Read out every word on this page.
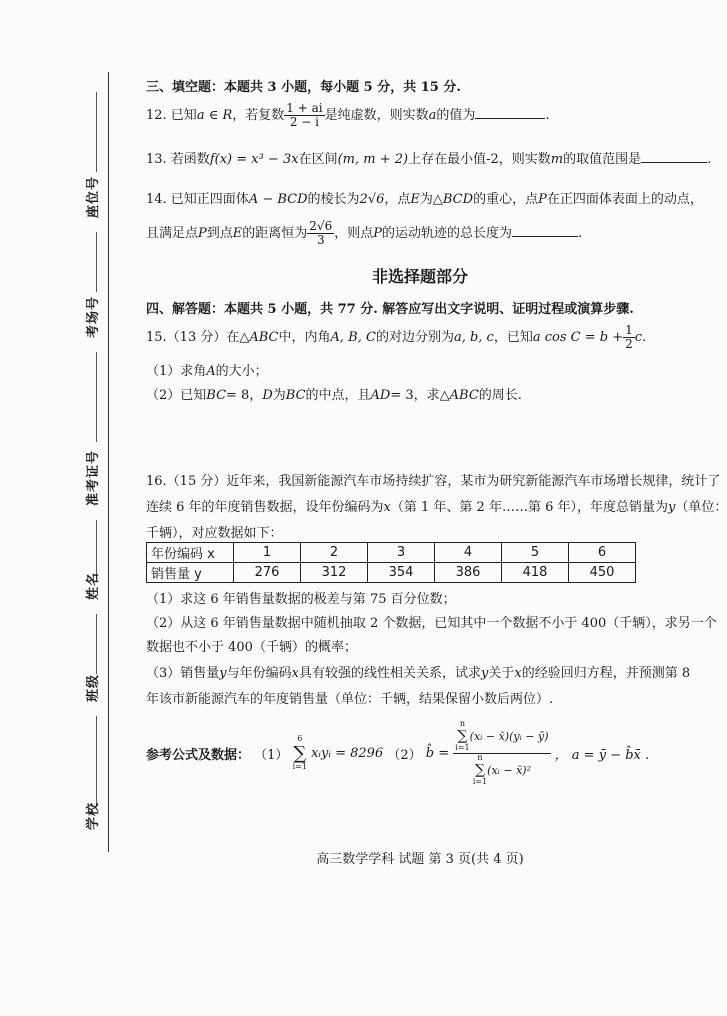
座位号
考场号
准考证号
姓名
班级
学校
三、填空题：本题共 3 小题，每小题 5 分，共 15 分.
12. 已知a ∈ R，若复数 $\frac{1 + ai}{2 - i}$ 是纯虚数，则实数a的值为	.
13. 若函数f(x) = x³ − 3x在区间(m, m + 2)上存在最小值-2，则实数m的取值范围是	.
14. 已知正四面体A − BCD的棱长为2√6，点E为△BCD的重心，点P在正四面体表面上的动点，
且满足点P到点E的距离恒为 $\frac{2√6}{3}$ ，则点P的运动轨迹的总长度为	.
非选择题部分
四、解答题：本题共 5 小题，共 77 分. 解答应写出文字说明、证明过程或演算步骤.
15.（13 分）在△ABC中，内角A, B, C的对边分别为a, b, c，已知a $\cos C = b + \frac{1}{2} c$.
（1）求角A的大小；
（2）已知BC= 8，D为BC的中点，且AD= 3，求△ABC的周长.
16.（15 分）近年来，我国新能源汽车市场持续扩容，某市为研究新能源汽车市场增长规律，统计了
连续 6 年的年度销售数据，设年份编码为x（第 1 年、第 2 年……第 6 年），年度总销量为y（单位：
千辆），对应数据如下：
年份编码 x	1	2	3	4	5	6
销售量 y	276	312	354	386	418	450
（1）求这 6 年销售量数据的极差与第 75 百分位数；
（2）从这 6 年销售量数据中随机抽取 2 个数据，已知其中一个数据不小于 400（千辆），求另一个
数据也不小于 400（千辆）的概率；
（3）销售量y与年份编码x具有较强的线性相关关系，试求y关于x的经验回归方程，并预测第 8
年该市新能源汽车的年度销售量（单位：千辆，结果保留小数后两位）.
参考公式及数据： （1）
6
∑
i=1
xᵢyᵢ = 8296 （2） b̂ = n
∑
i=1
(xᵢ − x̄)(yᵢ − ȳ)
n
∑
i=1
(xᵢ − x̄)² ， a = ȳ − b̂x̄ .
高三数学学科 试题 第 3 页(共 4 页)
